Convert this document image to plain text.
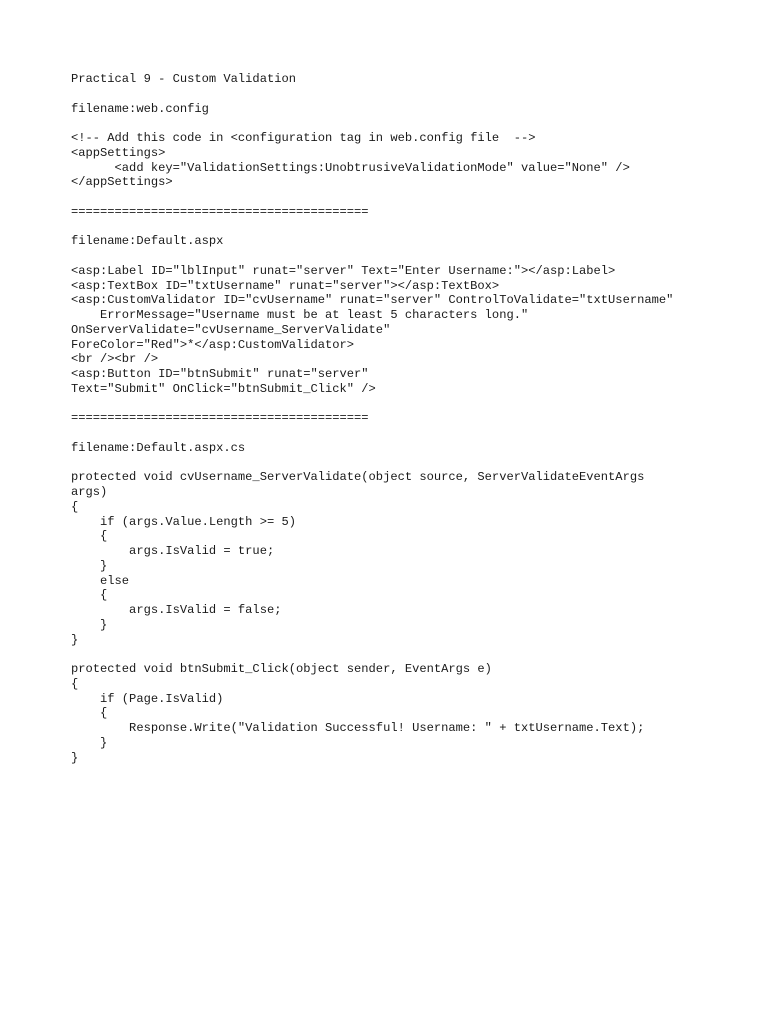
Practical 9 - Custom Validation
filename:web.config
<!-- Add this code in <configuration tag in web.config file  -->
<appSettings>
<add key="ValidationSettings:UnobtrusiveValidationMode" value="None" />
</appSettings>
=========================================
filename:Default.aspx
<asp:Label ID="lblInput" runat="server" Text="Enter Username:"></asp:Label>
<asp:TextBox ID="txtUsername" runat="server"></asp:TextBox>
<asp:CustomValidator ID="cvUsername" runat="server" ControlToValidate="txtUsername"
ErrorMessage="Username must be at least 5 characters long."
OnServerValidate="cvUsername_ServerValidate"
ForeColor="Red">*</asp:CustomValidator>
<br /><br />
<asp:Button ID="btnSubmit" runat="server"
Text="Submit" OnClick="btnSubmit_Click" />
=========================================
filename:Default.aspx.cs
protected void cvUsername_ServerValidate(object source, ServerValidateEventArgs
args)
{
if (args.Value.Length >= 5)
{
args.IsValid = true;
}
else
{
args.IsValid = false;
}
}
protected void btnSubmit_Click(object sender, EventArgs e)
{
if (Page.IsValid)
{
Response.Write("Validation Successful! Username: " + txtUsername.Text);
}
}
